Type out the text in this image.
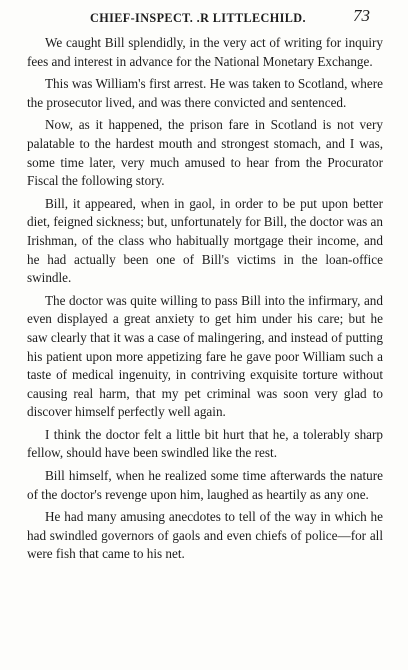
CHIEF-INSPECT. .R LITTLECHILD.	73

We caught Bill splendidly, in the very act of writing for inquiry fees and interest in advance for the National Monetary Exchange.

This was William's first arrest. He was taken to Scotland, where the prosecutor lived, and was there convicted and sentenced.

Now, as it happened, the prison fare in Scotland is not very palatable to the hardest mouth and strongest stomach, and I was, some time later, very much amused to hear from the Procurator Fiscal the following story.

Bill, it appeared, when in gaol, in order to be put upon better diet, feigned sickness; but, unfortunately for Bill, the doctor was an Irishman, of the class who habitually mortgage their income, and he had actually been one of Bill's victims in the loan-office swindle.

The doctor was quite willing to pass Bill into the infirmary, and even displayed a great anxiety to get him under his care; but he saw clearly that it was a case of malingering, and instead of putting his patient upon more appetizing fare he gave poor William such a taste of medical ingenuity, in contriving exquisite torture without causing real harm, that my pet criminal was soon very glad to discover himself perfectly well again.

I think the doctor felt a little bit hurt that he, a tolerably sharp fellow, should have been swindled like the rest.

Bill himself, when he realized some time afterwards the nature of the doctor's revenge upon him, laughed as heartily as any one.

He had many amusing anecdotes to tell of the way in which he had swindled governors of gaols and even chiefs of police—for all were fish that came to his net.
